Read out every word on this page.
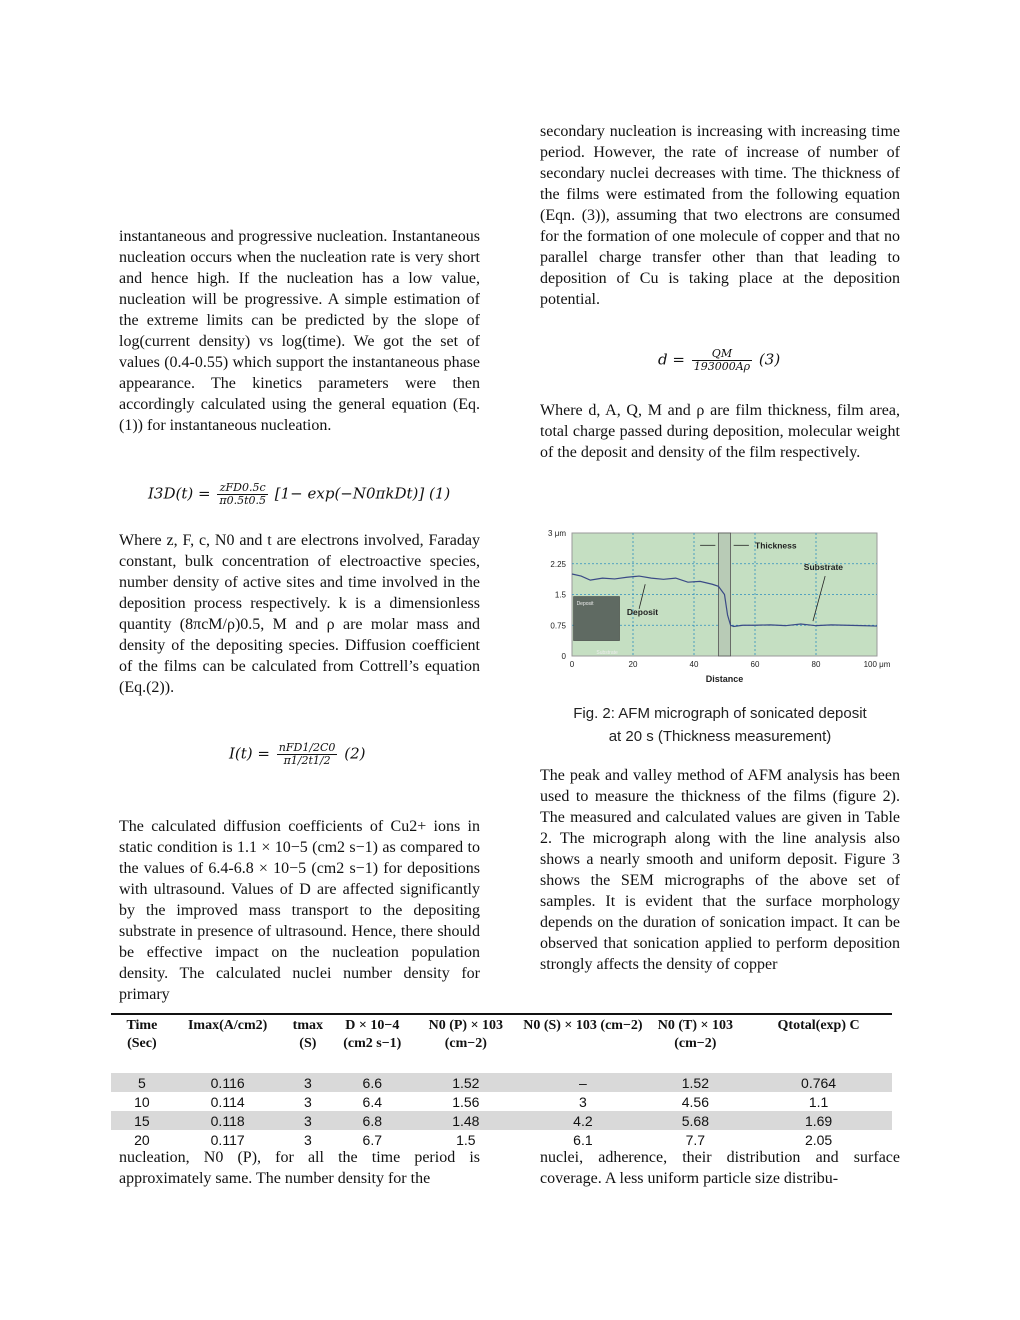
instantaneous and progressive nucleation. Instantaneous nucleation occurs when the nucleation rate is very short and hence high. If the nucleation has a low value, nucleation will be progressive. A simple estimation of the extreme limits can be predicted by the slope of log(current density) vs log(time). We got the set of values (0.4-0.55) which support the instantaneous phase appearance. The kinetics parameters were then accordingly calculated using the general equation (Eq. (1)) for instantaneous nucleation.

$I3D(t) = \frac{\text{zFD0.5c}}{\pi 0.5t0.5} [1- \exp(-N0\pi kDt)]$ (1)

Where z, F, c, N0 and t are electrons involved, Faraday constant, bulk concentration of electroactive species, number density of active sites and time involved in the deposition process respectively. k is a dimensionless quantity (8πcM/ρ)0.5, M and ρ are molar mass and density of the depositing species. Diffusion coefficient of the films can be calculated from Cottrell’s equation (Eq.(2)).

$I(t) = \frac{\text{nFD1/2C0}}{\pi 1/2t1/2} (2)$

The calculated diffusion coefficients of Cu2+ ions in static condition is 1.1 × 10−5 (cm2 s−1) as compared to the values of 6.4-6.8 × 10−5 (cm2 s−1) for depositions with ultrasound. Values of D are affected significantly by the improved mass transport to the depositing substrate in presence of ultrasound. Hence, there should be effective impact on the nucleation population density. The calculated nuclei number density for primary

nucleation, N0 (P), for all the time period is approximately same. The number density for the

secondary nucleation is increasing with increasing time period. However, the rate of increase of number of secondary nuclei decreases with time. The thickness of the films were estimated from the following equation (Eqn. (3)), assuming that two electrons are consumed for the formation of one molecule of copper and that no parallel charge transfer other than that leading to deposition of Cu is taking place at the deposition potential.

$d = \frac{QM}{193000A\rho} (3)$

Where d, A, Q, M and ρ are film thickness, film area, total charge passed during deposition, molecular weight of the deposit and density of the film respectively.

0	20	40	60	80	100 μm
0
0.75
1.5
2.25
3 μm
Distance
Deposit
Substrate
Thickness
Substrate
Deposit
Fig. 2: AFM micrograph of sonicated deposit
at 20 s (Thickness measurement)

The peak and valley method of AFM analysis has been used to measure the thickness of the films (figure 2). The measured and calculated values are given in Table 2. The micrograph along with the line analysis also shows a nearly smooth and uniform deposit. Figure 3 shows the SEM micrographs of the above set of samples. It is evident that the surface morphology depends on the duration of sonication impact. It can be observed that sonication applied to perform deposition strongly affects the density of copper

nuclei, adherence, their distribution and surface coverage. A less uniform particle size distribu-

Time (Sec)	Imax(A/cm2)	tmax (S)	D × 10−4 (cm2 s−1)	N0 (P) × 103 (cm−2)	N0 (S) × 103 (cm−2)	N0 (T) × 103 (cm−2)	Qtotal(exp) C
5	0.116	3	6.6	1.52	–	1.52	0.764
10	0.114	3	6.4	1.56	3	4.56	1.1
15	0.118	3	6.8	1.48	4.2	5.68	1.69
20	0.117	3	6.7	1.5	6.1	7.7	2.05
